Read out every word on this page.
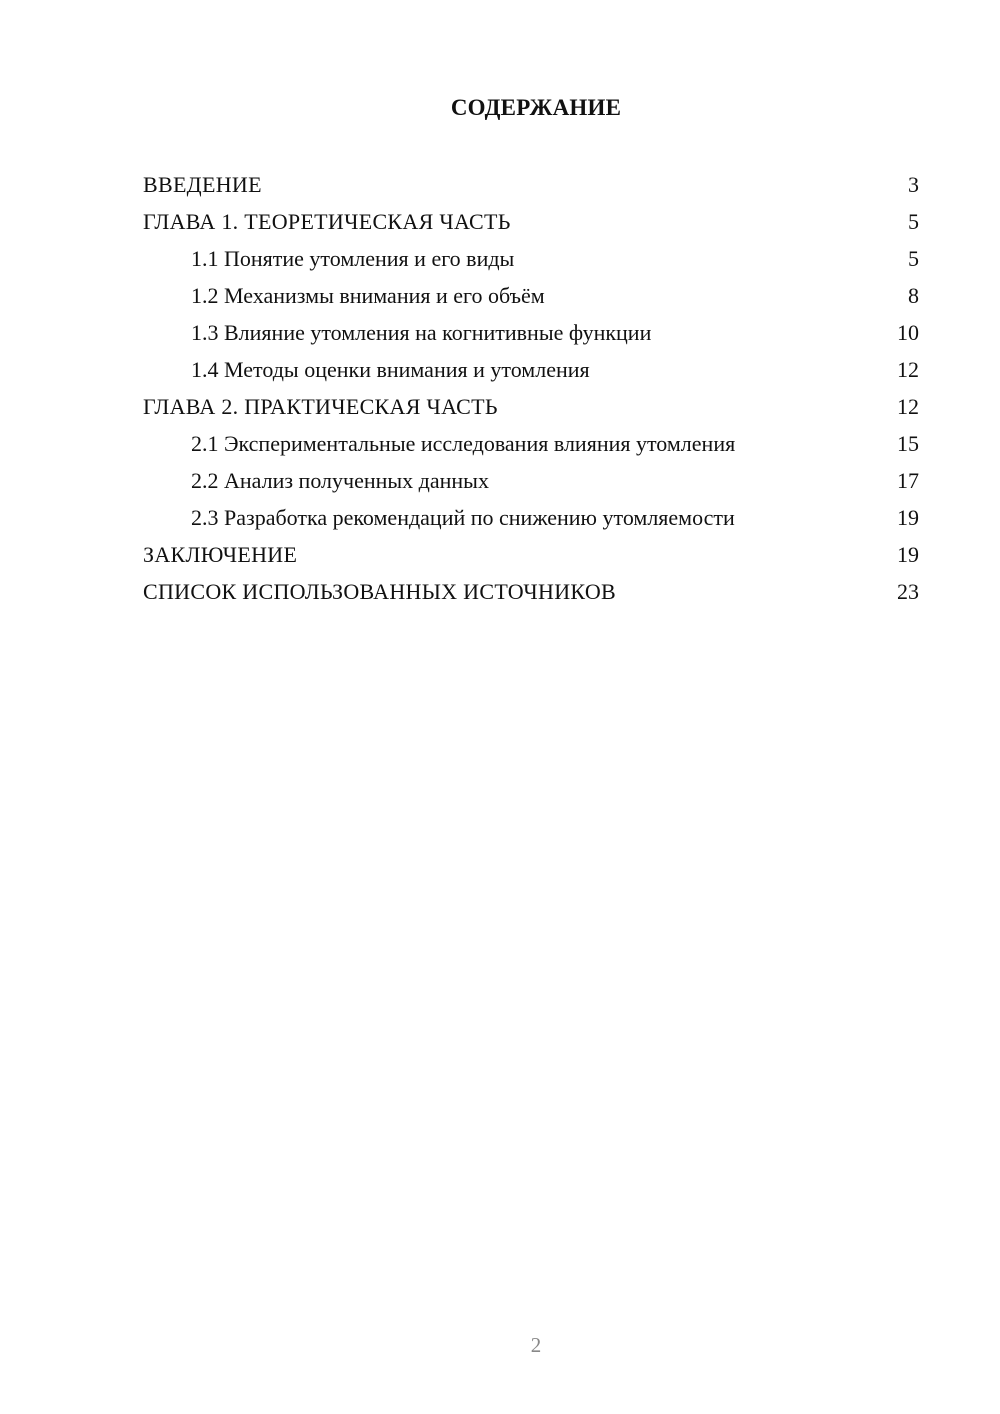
СОДЕРЖАНИЕ
ВВЕДЕНИЕ	3
ГЛАВА 1. ТЕОРЕТИЧЕСКАЯ ЧАСТЬ	5
1.1 Понятие утомления и его виды	5
1.2 Механизмы внимания и его объём	8
1.3 Влияние утомления на когнитивные функции	10
1.4 Методы оценки внимания и утомления	12
ГЛАВА 2. ПРАКТИЧЕСКАЯ ЧАСТЬ	12
2.1 Экспериментальные исследования влияния утомления	15
2.2 Анализ полученных данных	17
2.3 Разработка рекомендаций по снижению утомляемости	19
ЗАКЛЮЧЕНИЕ	19
СПИСОК ИСПОЛЬЗОВАННЫХ ИСТОЧНИКОВ	23
2
